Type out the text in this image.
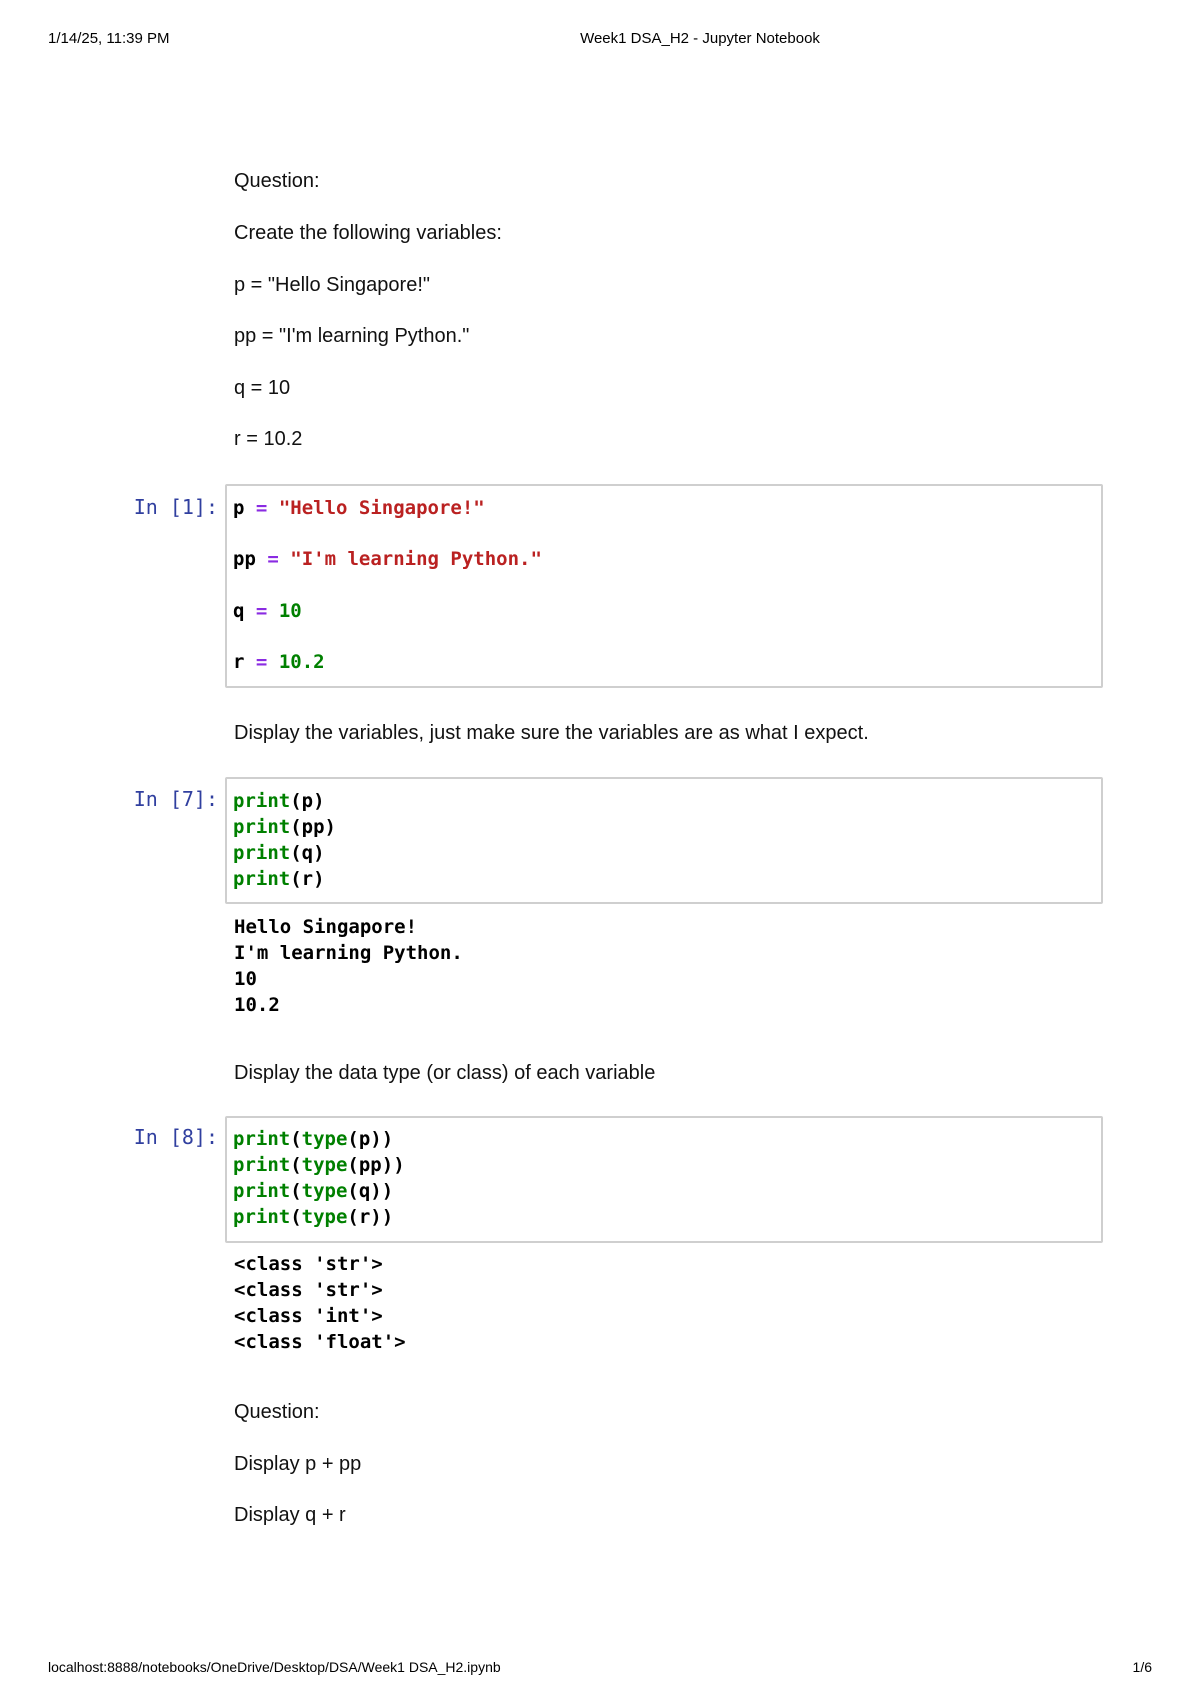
1/14/25, 11:39 PM	Week1 DSA_H2 - Jupyter Notebook
Question:
Create the following variables:
p = "Hello Singapore!"
pp = "I'm learning Python."
q = 10
r = 10.2
In [1]: p = "Hello Singapore!"
pp = "I'm learning Python."
q = 10
r = 10.2
Display the variables, just make sure the variables are as what I expect.
In [7]: print(p)
print(pp)
print(q)
print(r)
Hello Singapore!
I'm learning Python.
10
10.2
Display the data type (or class) of each variable
In [8]: print(type(p))
print(type(pp))
print(type(q))
print(type(r))
<class 'str'>
<class 'str'>
<class 'int'>
<class 'float'>
Question:
Display p + pp
Display q + r
localhost:8888/notebooks/OneDrive/Desktop/DSA/Week1 DSA_H2.ipynb	1/6
